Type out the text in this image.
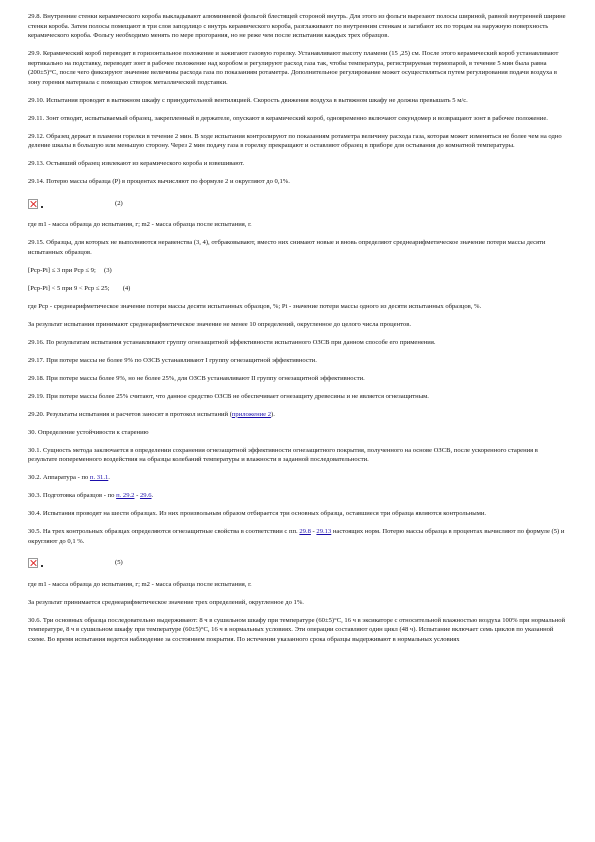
29.8. Внутренние стенки керамического короба выкладывают алюминиевой фольгой блестящей стороной внутрь. Для этого из фольги вырезают полосы шириной, равной внутренней ширине стенки короба. Затем полосы помещают в три слоя заподлицо с внутрь керамического короба, разглаживают по внутренним стенкам и загибают их по торцам на наружную поверхность керамического короба. Фольгу необходимо менять по мере прогорания, но не реже чем после испытания каждых трех образцов.

29.9. Керамический короб переводят в горизонтальное положение и зажигают газовую горелку. Устанавливают высоту пламени (15 ,25) см. После этого керамический короб устанавливают вертикально на подставку, переводят зонт в рабочее положение над коробом и регулируют расход газа так, чтобы температура, регистрируемая термопарой, в течение 5 мин была равна (200±5)°С, после чего фиксируют значение величины расхода газа по показаниям ротаметра. Дополнительное регулирование может осуществляться путем регулирования подачи воздуха в зону горения материала с помощью створок металлической подставки.

29.10. Испытания проводят в вытяжном шкафу с принудительной вентиляцией. Скорость движения воздуха в вытяжном шкафу не должна превышать 5 м/с.

29.11. Зонт отводят, испытываемый образец, закрепленный в держателе, опускают в керамический короб, одновременно включают секундомер и возвращают зонт в рабочее положение.

29.12. Образец держат в пламени горелки в течение 2 мин. В ходе испытания контролируют по показаниям ротаметра величину расхода газа, которая может изменяться не более чем на одно деление шкалы в большую или меньшую сторону. Через 2 мин подачу газа в горелку прекращают и оставляют образец в приборе для остывания до комнатной температуры.

29.13. Остывший образец извлекают из керамического короба и взвешивают.

29.14. Потерю массы образца (P) в процентах вычисляют по формуле 2 и округляют до 0,1%.

(2)

где m1 - масса образца до испытания, г; m2 - масса образца после испытания, г.

29.15. Образцы, для которых не выполняются неравенства (3, 4), отбраковывают, вместо них снимают новые и вновь определяют среднеарифметическое значение потери массы десяти испытанных образцов.

[Pср-Pi] ≤ 3 при Pср ≤ 9; (3)

[Pср-Pi] < 5 при 9 < Pср ≤ 25; (4)

где Pср - среднеарифметическое значение потери массы десяти испытанных образцов, %; Pi - значение потери массы одного из десяти испытанных образцов, %.

За результат испытания принимают среднеарифметическое значение не менее 10 определений, округленное до целого числа процентов.

29.16. По результатам испытания устанавливают группу огнезащитной эффективности испытанного ОЗСВ при данном способе его применения.

29.17. При потере массы не более 9% по ОЗСВ устанавливают I группу огнезащитной эффективности.

29.18. При потере массы более 9%, но не более 25%, для ОЗСВ устанавливают II группу огнезащитной эффективности.

29.19. При потере массы более 25% считают, что данное средство ОЗСВ не обеспечивает огнезащиту древесины и не является огнезащитным.

29.20. Результаты испытания и расчетов заносят в протокол испытаний (приложение 2).

30. Определение устойчивости к старению

30.1. Сущность метода заключается в определении сохранения огнезащитной эффективности огнезащитного покрытия, полученного на основе ОЗСВ, после ускоренного старения в результате попеременного воздействия на образцы колебаний температуры и влажности в заданной последовательности.

30.2. Аппаратура - по п. 31.1.

30.3. Подготовка образцов - по п. 29.2 - 29.6.

30.4. Испытания проводят на шести образцах. Из них произвольным образом отбирается три основных образца, оставшиеся три образца являются контрольными.

30.5. На трех контрольных образцах определяются огнезащитные свойства в соответствии с пп. 29.8 - 29.13 настоящих норм. Потерю массы образца в процентах вычисляют по формуле (5) и округляют до 0,1 %.

(5)

где m1 - масса образца до испытания, г; m2 - масса образца после испытания, г.

За результат принимается среднеарифметическое значение трех определений, округленное до 1%.

30.6. Три основных образца последовательно выдерживают: 8 ч в сушильном шкафу при температуре (60±5)°С, 16 ч в эксикаторе с относительной влажностью воздуха 100% при нормальной температуре, 8 ч в сушильном шкафу при температуре (60±5)°С, 16 ч в нормальных условиях. Эти операции составляют один цикл (48 ч). Испытание включает семь циклов по указанной схеме. Во время испытания ведется наблюдение за состоянием покрытия. По истечении указанного срока образцы выдерживают в нормальных условиях
